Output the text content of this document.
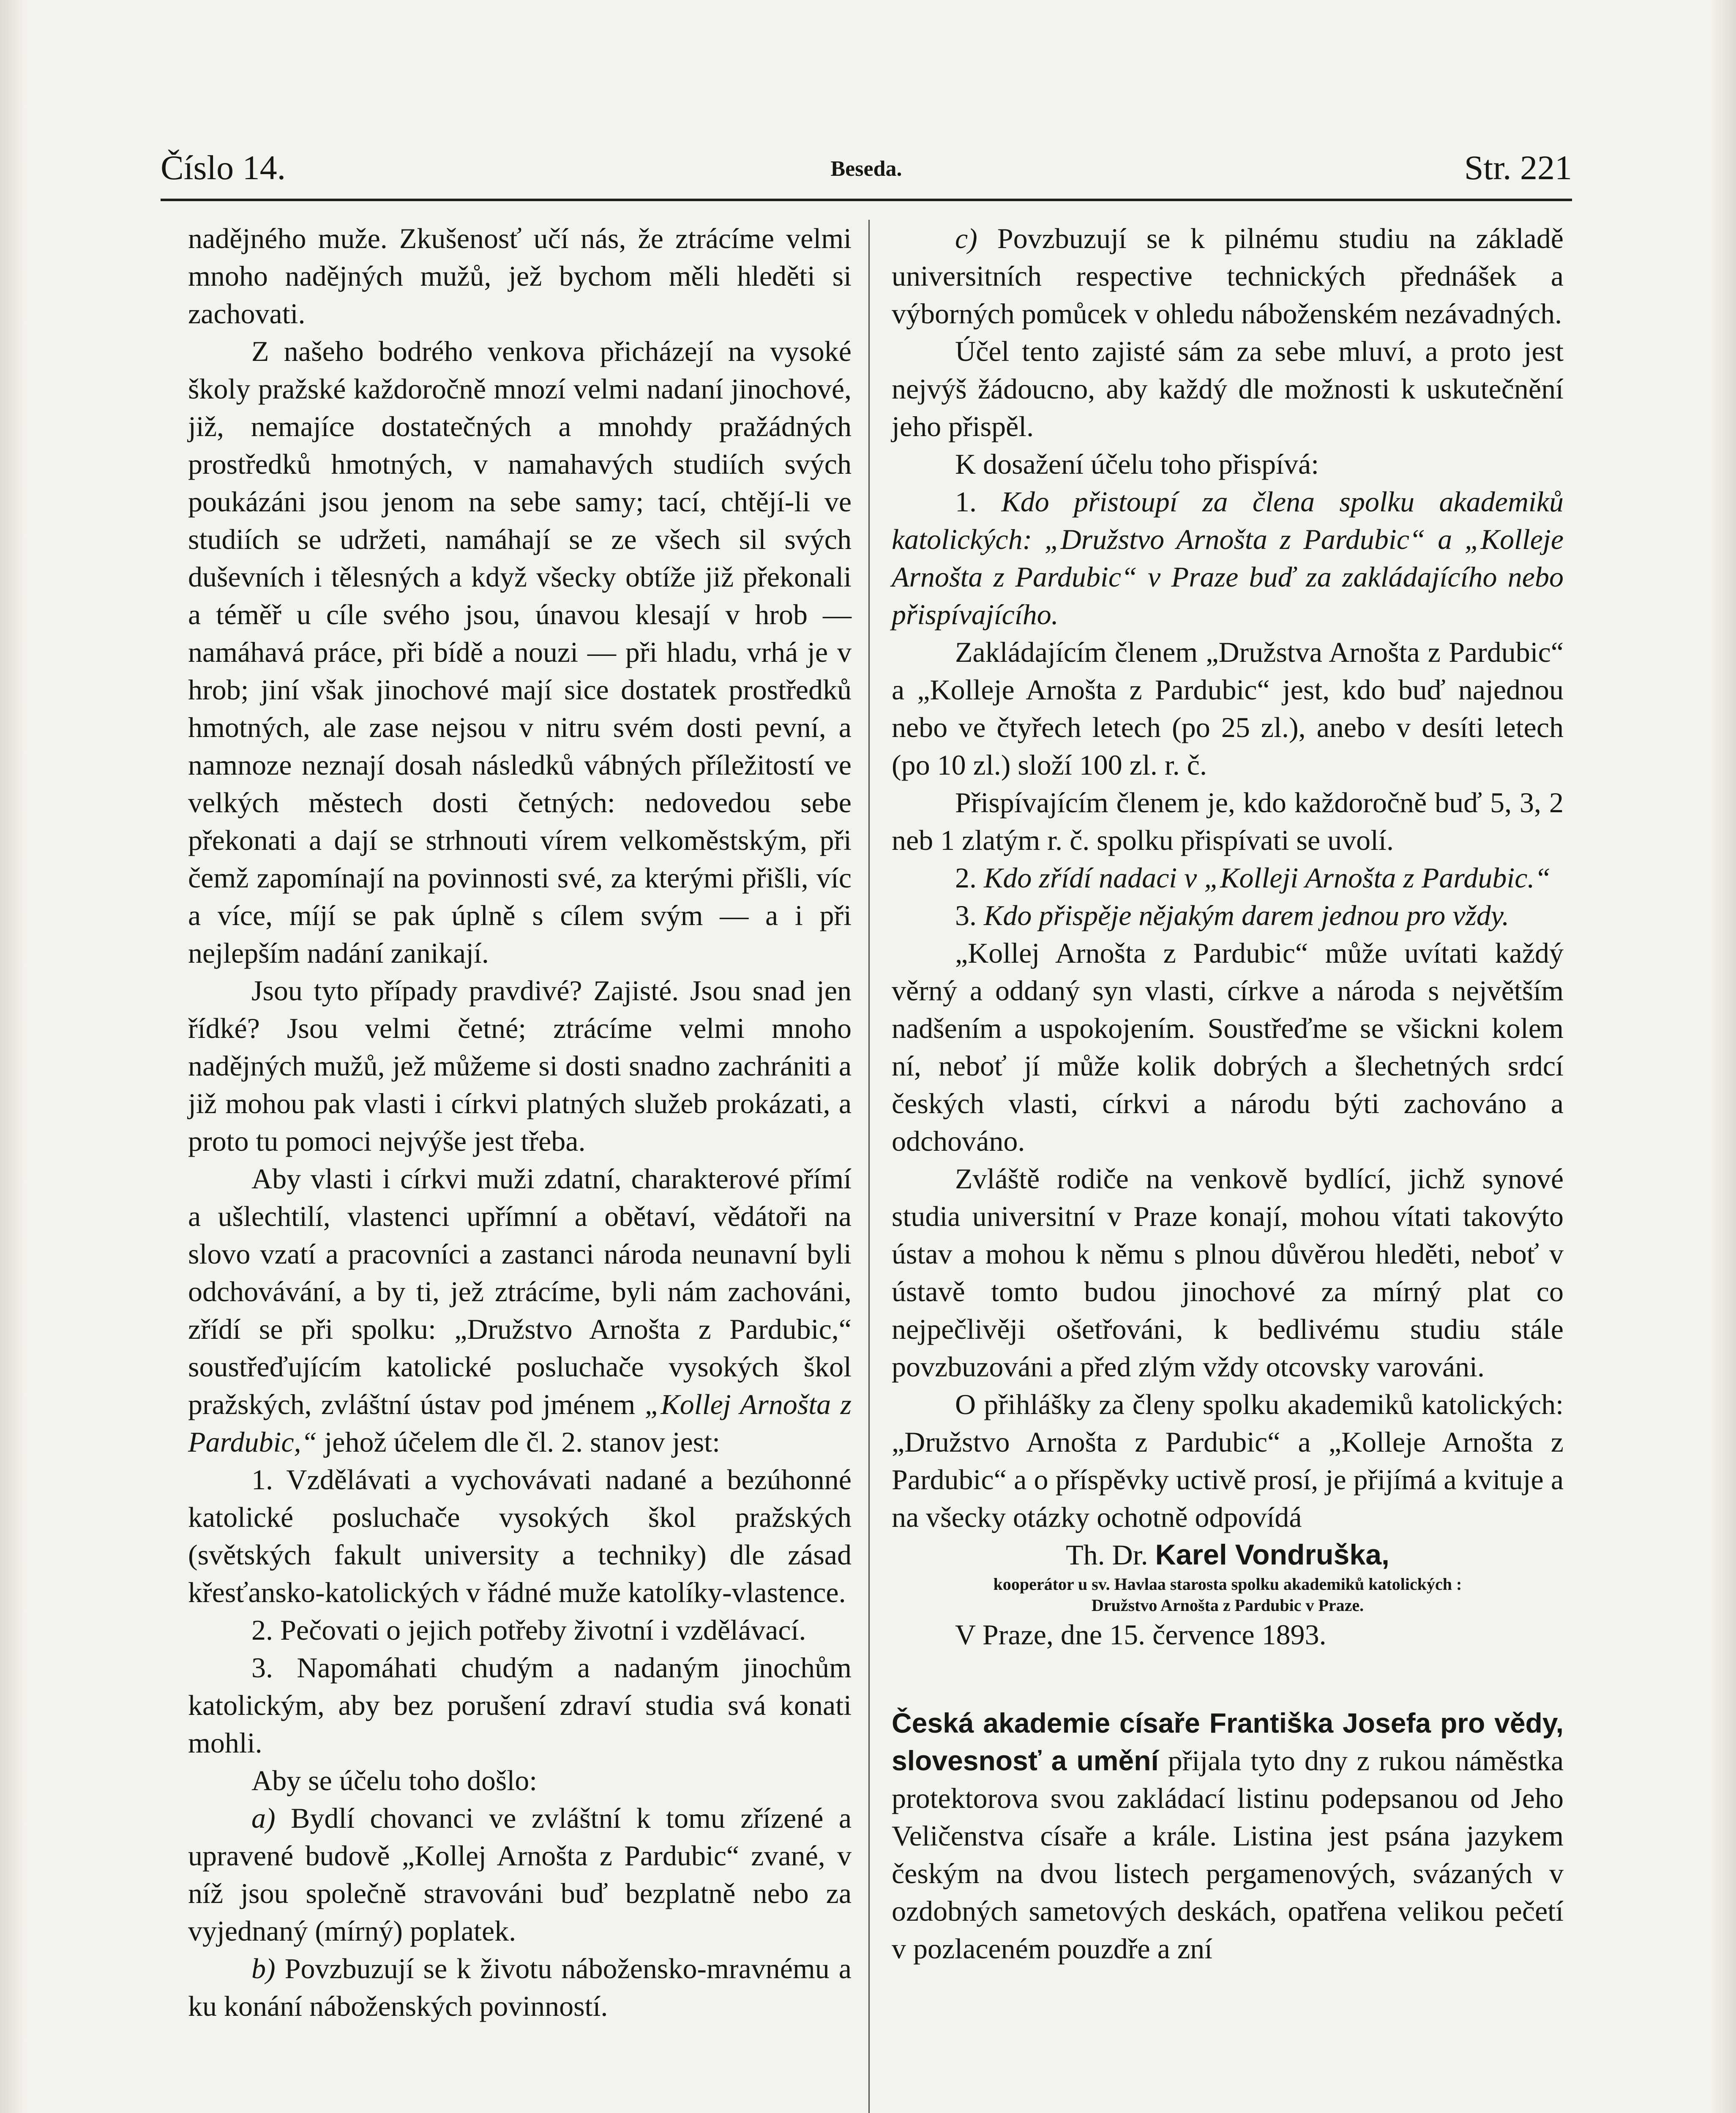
Číslo 14.	Beseda.	Str. 221

nadějného muže. Zkušenosť učí nás, že ztrácíme velmi mnoho nadějných mužů, jež bychom měli hleděti si zachovati.

Z našeho bodrého venkova přicházejí na vysoké školy pražské každoročně mnozí velmi nadaní jinochové, již, nemajíce dostatečných a mnohdy pražádných prostředků hmotných, v namahavých studiích svých poukázáni jsou jenom na sebe samy; tací, chtějí-li ve studiích se udržeti, namáhají se ze všech sil svých duševních i tělesných a když všecky obtíže již překonali a téměř u cíle svého jsou, únavou klesají v hrob — namáhavá práce, při bídě a nouzi — při hladu, vrhá je v hrob; jiní však jinochové mají sice dostatek prostředků hmotných, ale zase nejsou v nitru svém dosti pevní, a namnoze neznají dosah následků vábných příležitostí ve velkých městech dosti četných: nedovedou sebe překonati a dají se strhnouti vírem velkoměstským, při čemž zapomínají na povinnosti své, za kterými přišli, víc a více, míjí se pak úplně s cílem svým — a i při nejlepším nadání zanikají.

Jsou tyto případy pravdivé? Zajisté. Jsou snad jen řídké? Jsou velmi četné; ztrácíme velmi mnoho nadějných mužů, jež můžeme si dosti snadno zachrániti a již mohou pak vlasti i církvi platných služeb prokázati, a proto tu pomoci nejvýše jest třeba.

Aby vlasti i církvi muži zdatní, charakterové přímí a ušlechtilí, vlastenci upřímní a obětaví, vědátoři na slovo vzatí a pracovníci a zastanci národa neunavní byli odchovávání, a by ti, jež ztrácíme, byli nám zachováni, zřídí se při spolku: „Družstvo Arnošta z Pardubic,“ soustřeďujícím katolické posluchače vysokých škol pražských, zvláštní ústav pod jménem „Kollej Arnošta z Pardubic,“ jehož účelem dle čl. 2. stanov jest:

1. Vzdělávati a vychovávati nadané a bezúhonné katolické posluchače vysokých škol pražských (světských fakult university a techniky) dle zásad křesťansko-katolických v řádné muže katolíky-vlastence.

2. Pečovati o jejich potřeby životní i vzdělávací.

3. Napomáhati chudým a nadaným jinochům katolickým, aby bez porušení zdraví studia svá konati mohli.

Aby se účelu toho došlo:

a) Bydlí chovanci ve zvláštní k tomu zřízené a upravené budově „Kollej Arnošta z Pardubic“ zvané, v níž jsou společně stravováni buď bezplatně nebo za vyjednaný (mírný) poplatek.

b) Povzbuzují se k životu nábožensko-mravnému a ku konání náboženských povinností.

c) Povzbuzují se k pilnému studiu na základě universitních respective technických přednášek a výborných pomůcek v ohledu náboženském nezávadných.

Účel tento zajisté sám za sebe mluví, a proto jest nejvýš žádoucno, aby každý dle možnosti k uskutečnění jeho přispěl.

K dosažení účelu toho přispívá:

1. Kdo přistoupí za člena spolku akademiků katolických: „Družstvo Arnošta z Pardubic“ a „Kolleje Arnošta z Pardubic“ v Praze buď za zakládajícího nebo přispívajícího.

Zakládajícím členem „Družstva Arnošta z Pardubic“ a „Kolleje Arnošta z Pardubic“ jest, kdo buď najednou nebo ve čtyřech letech (po 25 zl.), anebo v desíti letech (po 10 zl.) složí 100 zl. r. č.

Přispívajícím členem je, kdo každoročně buď 5, 3, 2 neb 1 zlatým r. č. spolku přispívati se uvolí.

2. Kdo zřídí nadaci v „Kolleji Arnošta z Pardubic.“

3. Kdo přispěje nějakým darem jednou pro vždy.

„Kollej Arnošta z Pardubic“ může uvítati každý věrný a oddaný syn vlasti, církve a národa s největším nadšením a uspokojením. Soustřeďme se všickni kolem ní, neboť jí může kolik dobrých a šlechetných srdcí českých vlasti, církvi a národu býti zachováno a odchováno.

Zvláště rodiče na venkově bydlící, jichž synové studia universitní v Praze konají, mohou vítati takovýto ústav a mohou k němu s plnou důvěrou hleděti, neboť v ústavě tomto budou jinochové za mírný plat co nejpečlivěji ošetřováni, k bedlivému studiu stále povzbuzováni a před zlým vždy otcovsky varováni.

O přihlášky za členy spolku akademiků katolických: „Družstvo Arnošta z Pardubic“ a „Kolleje Arnošta z Pardubic“ a o příspěvky uctivě prosí, je přijímá a kvituje a na všecky otázky ochotně odpovídá

Th. Dr. Karel Vondruška,

kooperátor u sv. Havlaa starosta spolku akademiků katolických :

Družstvo Arnošta z Pardubic v Praze.

V Praze, dne 15. července 1893.

Česká akademie císaře Františka Josefa pro vědy, slovesnosť a umění přijala tyto dny z rukou náměstka protektorova svou zakládací listinu podepsanou od Jeho Veličenstva císaře a krále. Listina jest psána jazykem českým na dvou listech pergamenových, svázaných v ozdobných sametových deskách, opatřena velikou pečetí v pozlaceném pouzdře a zní
